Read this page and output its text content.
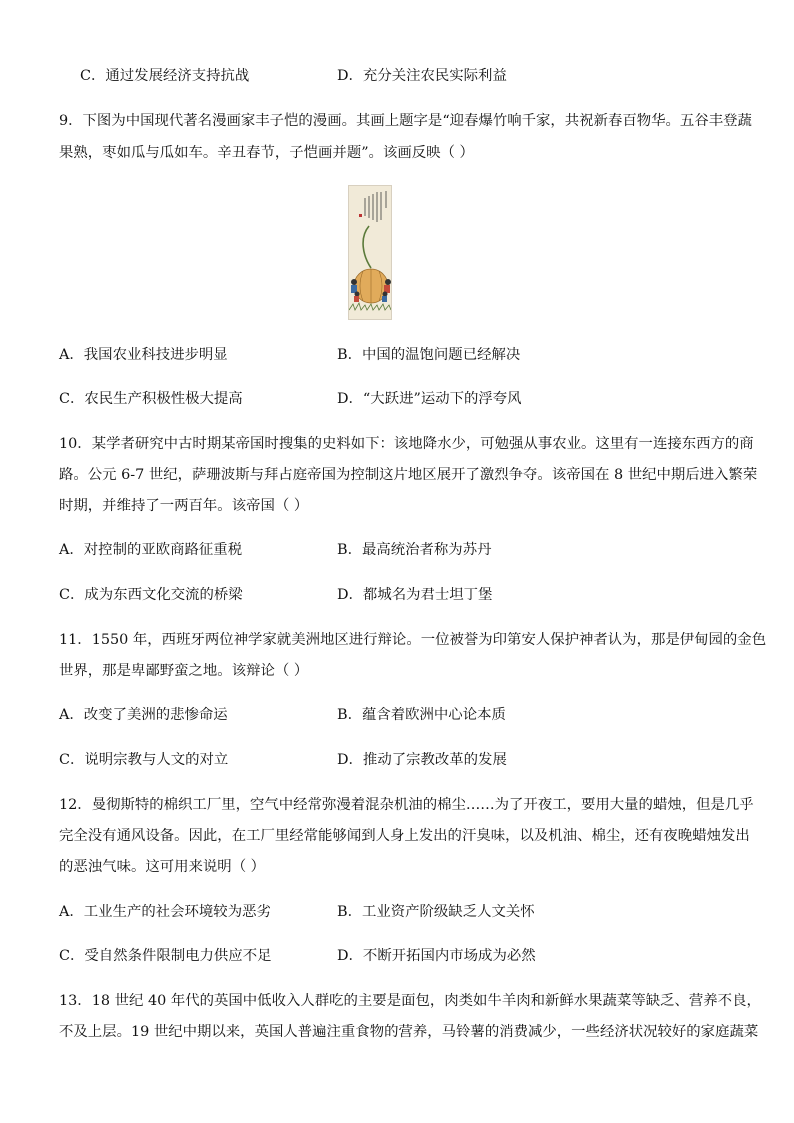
C．通过发展经济支持抗战	D．充分关注农民实际利益
9．下图为中国现代著名漫画家丰子恺的漫画。其画上题字是“迎春爆竹响千家，共祝新春百物华。五谷丰登蔬
果熟，枣如瓜与瓜如车。辛丑春节，子恺画并题”。该画反映（ ）
A．我国农业科技进步明显	B．中国的温饱问题已经解决
C．农民生产积极性极大提高	D．“大跃进”运动下的浮夸风
10．某学者研究中古时期某帝国时搜集的史料如下：该地降水少，可勉强从事农业。这里有一连接东西方的商
路。公元 6-7 世纪，萨珊波斯与拜占庭帝国为控制这片地区展开了激烈争夺。该帝国在 8 世纪中期后进入繁荣
时期，并维持了一两百年。该帝国（ ）
A．对控制的亚欧商路征重税	B．最高统治者称为苏丹
C．成为东西文化交流的桥梁	D．都城名为君士坦丁堡
11．1550 年，西班牙两位神学家就美洲地区进行辩论。一位被誉为印第安人保护神者认为，那是伊甸园的金色
世界，那是卑鄙野蛮之地。该辩论（ ）
A．改变了美洲的悲惨命运	B．蕴含着欧洲中心论本质
C．说明宗教与人文的对立	D．推动了宗教改革的发展
12．曼彻斯特的棉织工厂里，空气中经常弥漫着混杂机油的棉尘……为了开夜工，要用大量的蜡烛，但是几乎
完全没有通风设备。因此，在工厂里经常能够闻到人身上发出的汗臭味，以及机油、棉尘，还有夜晚蜡烛发出
的恶浊气味。这可用来说明（ ）
A．工业生产的社会环境较为恶劣	B．工业资产阶级缺乏人文关怀
C．受自然条件限制电力供应不足	D．不断开拓国内市场成为必然
13．18 世纪 40 年代的英国中低收入人群吃的主要是面包，肉类如牛羊肉和新鲜水果蔬菜等缺乏、营养不良，
不及上层。19 世纪中期以来，英国人普遍注重食物的营养，马铃薯的消费减少，一些经济状况较好的家庭蔬菜
